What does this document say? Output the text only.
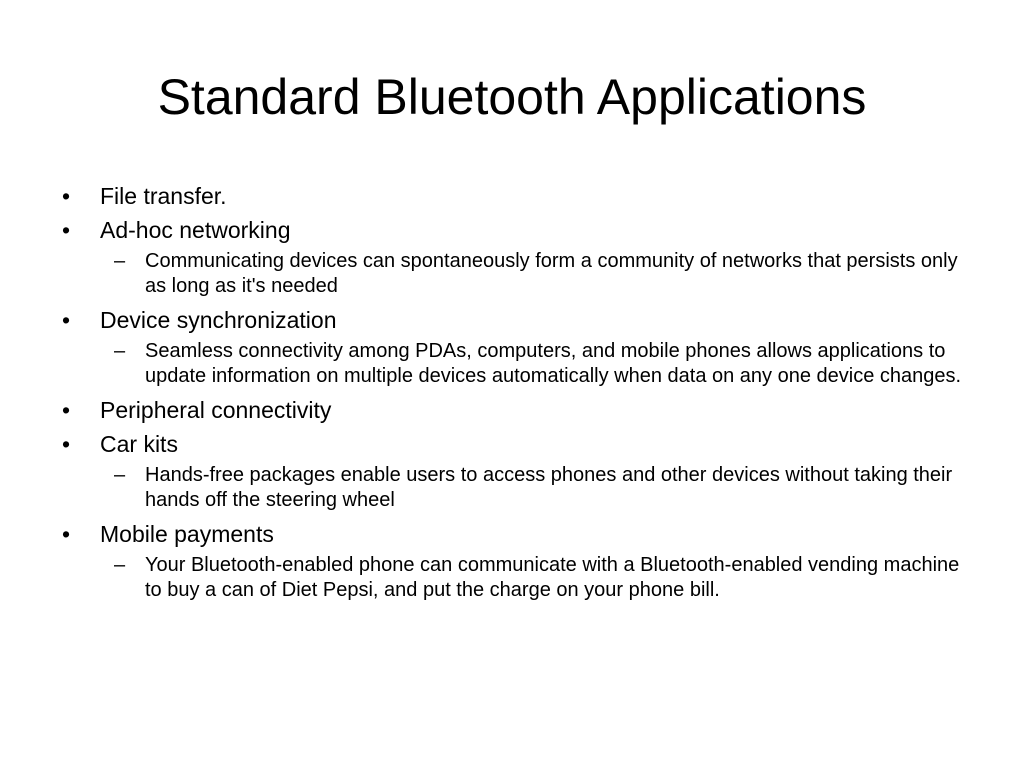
Standard Bluetooth Applications
•	File transfer.
•	Ad-hoc networking
– Communicating devices can spontaneously form a community of networks that persists only as long as it's needed
•	Device synchronization
– Seamless connectivity among PDAs, computers, and mobile phones allows applications to update information on multiple devices automatically when data on any one device changes.
•	Peripheral connectivity
•	Car kits
– Hands-free packages enable users to access phones and other devices without taking their hands off the steering wheel
•	Mobile payments
– Your Bluetooth-enabled phone can communicate with a Bluetooth-enabled vending machine to buy a can of Diet Pepsi, and put the charge on your phone bill.
